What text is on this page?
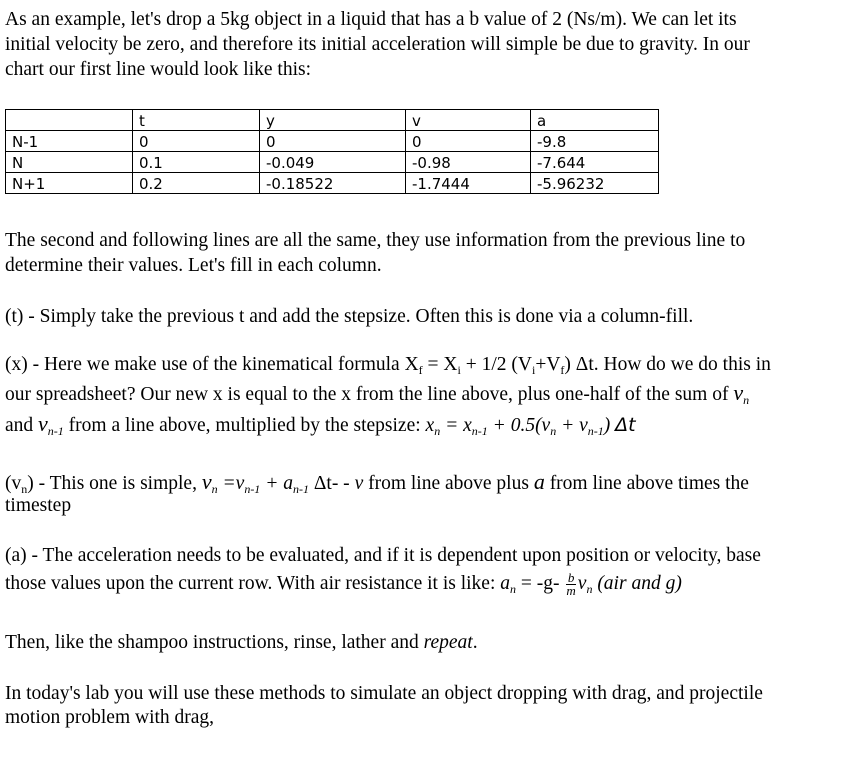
As an example, let's drop a 5kg object in a liquid that has a b value of 2 (Ns/m). We can let its

initial velocity be zero, and therefore its initial acceleration will simple be due to gravity. In our

chart our first line would look like this:

	t	y	v	a
N-1	0	0	0	-9.8
N	0.1	-0.049	-0.98	-7.644
N+1	0.2	-0.18522	-1.7444	-5.96232

The second and following lines are all the same, they use information from the previous line to

determine their values. Let's fill in each column.

(t) - Simply take the previous t and add the stepsize. Often this is done via a column-fill.

(x) - Here we make use of the kinematical formula $X_f = X_i + 1/2$ $(V_i+V_f)$ Δt. How do we do this in

our spreadsheet? Our new x is equal to the x from the line above, plus one-half of the sum of $v_n$

and $v_{n-1}$ from a line above, multiplied by the stepsize: $x_n = x_{n-1} + 0.5(v_n + v_{n-1})$ Δt

$(v_n)$ - This one is simple, $v_n =v_{n-1} + a_{n-1}$ Δt- - v from line above plus a from line above times the

timestep

(a) - The acceleration needs to be evaluated, and if it is dependent upon position or velocity, base

those values upon the current row. With air resistance it is like: $a_n = -g- \frac{b}{m} v_n$ (air and g)

Then, like the shampoo instructions, rinse, lather and repeat.

In today's lab you will use these methods to simulate an object dropping with drag, and projectile

motion problem with drag,
